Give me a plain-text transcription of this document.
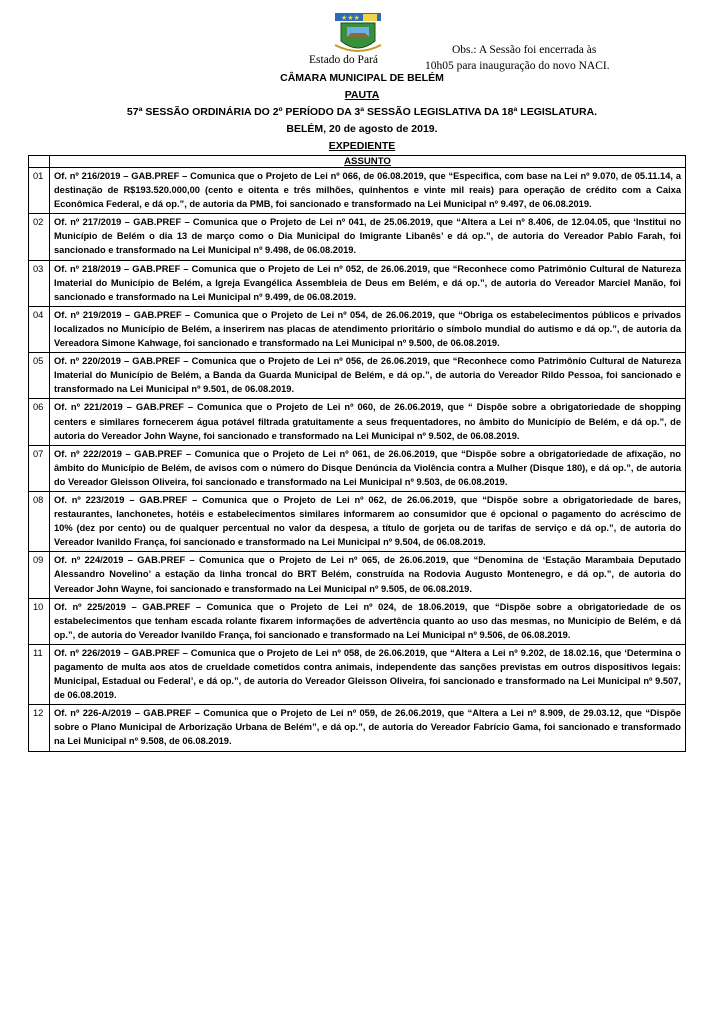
★★★
Estado do Pará
Obs.: A Sessão foi encerrada às
10h05 para inauguração do novo NACI.
CÂMARA MUNICIPAL DE BELÉM
PAUTA
57ª SESSÃO ORDINÁRIA DO 2º PERÍODO DA 3ª SESSÃO LEGISLATIVA DA 18ª LEGISLATURA.
BELÉM, 20 de agosto de 2019.
EXPEDIENTE
	ASSUNTO
01	Of. nº 216/2019 – GAB.PREF – Comunica que o Projeto de Lei nº 066, de 06.08.2019, que “Especifica, com base na Lei nº 9.070, de 05.11.14, a destinação de R$193.520.000,00 (cento e oitenta e três milhões, quinhentos e vinte mil reais) para operação de crédito com a Caixa Econômica Federal, e dá op.”, de autoria da PMB, foi sancionado e transformado na Lei Municipal nº 9.497, de 06.08.2019.
02	Of. nº 217/2019 – GAB.PREF – Comunica que o Projeto de Lei nº 041, de 25.06.2019, que “Altera a Lei nº 8.406, de 12.04.05, que ‘Institui no Município de Belém o dia 13 de março como o Dia Municipal do Imigrante Libanês’ e dá op.”, de autoria do Vereador Pablo Farah, foi sancionado e transformado na Lei Municipal nº 9.498, de 06.08.2019.
03	Of. nº 218/2019 – GAB.PREF – Comunica que o Projeto de Lei nº 052, de 26.06.2019, que “Reconhece como Patrimônio Cultural de Natureza Imaterial do Município de Belém, a Igreja Evangélica Assembleia de Deus em Belém, e dá op.”, de autoria do Vereador Marciel Manão, foi sancionado e transformado na Lei Municipal nº 9.499, de 06.08.2019.
04	Of. nº 219/2019 – GAB.PREF – Comunica que o Projeto de Lei nº 054, de 26.06.2019, que “Obriga os estabelecimentos públicos e privados localizados no Município de Belém, a inserirem nas placas de atendimento prioritário o símbolo mundial do autismo e dá op.”, de autoria da Vereadora Simone Kahwage, foi sancionado e transformado na Lei Municipal nº 9.500, de 06.08.2019.
05	Of. nº 220/2019 – GAB.PREF – Comunica que o Projeto de Lei nº 056, de 26.06.2019, que “Reconhece como Patrimônio Cultural de Natureza Imaterial do Município de Belém, a Banda da Guarda Municipal de Belém, e dá op.”, de autoria do Vereador Rildo Pessoa, foi sancionado e transformado na Lei Municipal nº 9.501, de 06.08.2019.
06	Of. nº 221/2019 – GAB.PREF – Comunica que o Projeto de Lei nº 060, de 26.06.2019, que “ Dispõe sobre a obrigatoriedade de shopping centers e similares fornecerem água potável filtrada gratuitamente a seus frequentadores, no âmbito do Município de Belém, e dá op.”, de autoria do Vereador John Wayne, foi sancionado e transformado na Lei Municipal nº 9.502, de 06.08.2019.
07	Of. nº 222/2019 – GAB.PREF – Comunica que o Projeto de Lei nº 061, de 26.06.2019, que “Dispõe sobre a obrigatoriedade de afixação, no âmbito do Município de Belém, de avisos com o número do Disque Denúncia da Violência contra a Mulher (Disque 180), e dá op.”, de autoria do Vereador Gleisson Oliveira, foi sancionado e transformado na Lei Municipal nº 9.503, de 06.08.2019.
08	Of. nº 223/2019 – GAB.PREF – Comunica que o Projeto de Lei nº 062, de 26.06.2019, que “Dispõe sobre a obrigatoriedade de bares, restaurantes, lanchonetes, hotéis e estabelecimentos similares informarem ao consumidor que é opcional o pagamento do acréscimo de 10% (dez por cento) ou de qualquer percentual no valor da despesa, a título de gorjeta ou de tarifas de serviço e dá op.”, de autoria do Vereador Ivanildo França, foi sancionado e transformado na Lei Municipal nº 9.504, de 06.08.2019.
09	Of. nº 224/2019 – GAB.PREF – Comunica que o Projeto de Lei nº 065, de 26.06.2019, que “Denomina de ‘Estação Marambaia Deputado Alessandro Novelino’ a estação da linha troncal do BRT Belém, construída na Rodovia Augusto Montenegro, e dá op.”, de autoria do Vereador John Wayne, foi sancionado e transformado na Lei Municipal nº 9.505, de 06.08.2019.
10	Of. nº 225/2019 – GAB.PREF – Comunica que o Projeto de Lei nº 024, de 18.06.2019, que “Dispõe sobre a obrigatoriedade de os estabelecimentos que tenham escada rolante fixarem informações de advertência quanto ao uso das mesmas, no Município de Belém, e dá op.”, de autoria do Vereador Ivanildo França, foi sancionado e transformado na Lei Municipal nº 9.506, de 06.08.2019.
11	Of. nº 226/2019 – GAB.PREF – Comunica que o Projeto de Lei nº 058, de 26.06.2019, que “Altera a Lei nº 9.202, de 18.02.16, que ‘Determina o pagamento de multa aos atos de crueldade cometidos contra animais, independente das sanções previstas em outros dispositivos legais: Municipal, Estadual ou Federal’, e dá op.”, de autoria do Vereador Gleisson Oliveira, foi sancionado e transformado na Lei Municipal nº 9.507, de 06.08.2019.
12	Of. nº 226-A/2019 – GAB.PREF – Comunica que o Projeto de Lei nº 059, de 26.06.2019, que “Altera a Lei nº 8.909, de 29.03.12, que “Dispõe sobre o Plano Municipal de Arborização Urbana de Belém”, e dá op.”, de autoria do Vereador Fabrício Gama, foi sancionado e transformado na Lei Municipal nº 9.508, de 06.08.2019.
